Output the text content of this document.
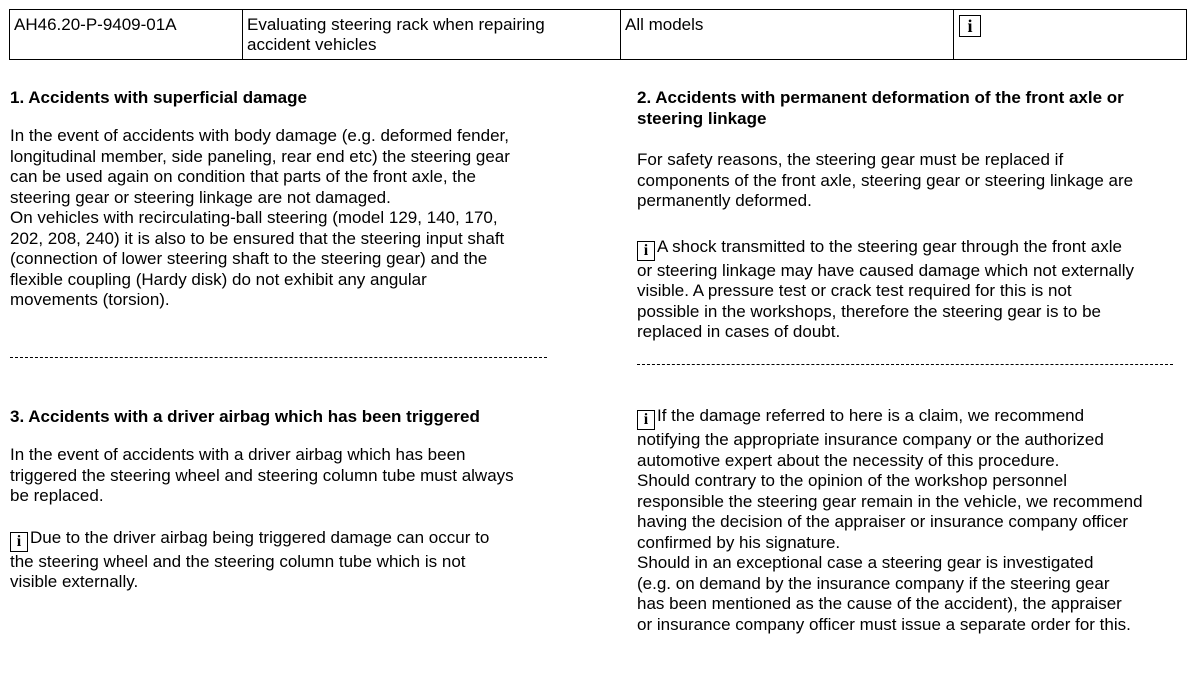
AH46.20-P-9409-01A	Evaluating steering rack when repairing
accident vehicles
All models	i
1. Accidents with superficial damage
In the event of accidents with body damage (e.g. deformed fender,
longitudinal member, side paneling, rear end etc) the steering gear
can be used again on condition that parts of the front axle, the
steering gear or steering linkage are not damaged.
On vehicles with recirculating-ball steering (model 129, 140, 170,
202, 208, 240) it is also to be ensured that the steering input shaft
(connection of lower steering shaft to the steering gear) and the
flexible coupling (Hardy disk) do not exhibit any angular
movements (torsion).
3. Accidents with a driver airbag which has been triggered
In the event of accidents with a driver airbag which has been
triggered the steering wheel and steering column tube must always
be replaced.
i Due to the driver airbag being triggered damage can occur to
the steering wheel and the steering column tube which is not
visible externally.
2. Accidents with permanent deformation of the front axle or
steering linkage
For safety reasons, the steering gear must be replaced if
components of the front axle, steering gear or steering linkage are
permanently deformed.
i A shock transmitted to the steering gear through the front axle
or steering linkage may have caused damage which not externally
visible. A pressure test or crack test required for this is not
possible in the workshops, therefore the steering gear is to be
replaced in cases of doubt.
i If the damage referred to here is a claim, we recommend
notifying the appropriate insurance company or the authorized
automotive expert about the necessity of this procedure.
Should contrary to the opinion of the workshop personnel
responsible the steering gear remain in the vehicle, we recommend
having the decision of the appraiser or insurance company officer
confirmed by his signature.
Should in an exceptional case a steering gear is investigated
(e.g. on demand by the insurance company if the steering gear
has been mentioned as the cause of the accident), the appraiser
or insurance company officer must issue a separate order for this.
